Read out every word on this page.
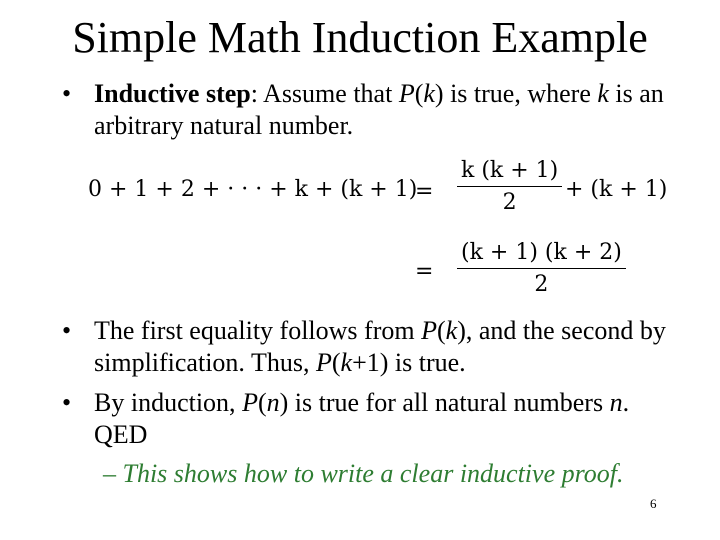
Simple Math Induction Example
• Inductive step: Assume that P(k) is true, where k is an arbitrary natural number.
0 + 1 + 2 + · · · + k + (k + 1)
= $\frac{k (k + 1)}{2} + (k + 1)$
= $\frac{(k + 1) (k + 2)}{2}$
• The first equality follows from P(k), and the second by simplification. Thus, P(k+1) is true.
• By induction, P(n) is true for all natural numbers n. QED
– This shows how to write a clear inductive proof.
6
